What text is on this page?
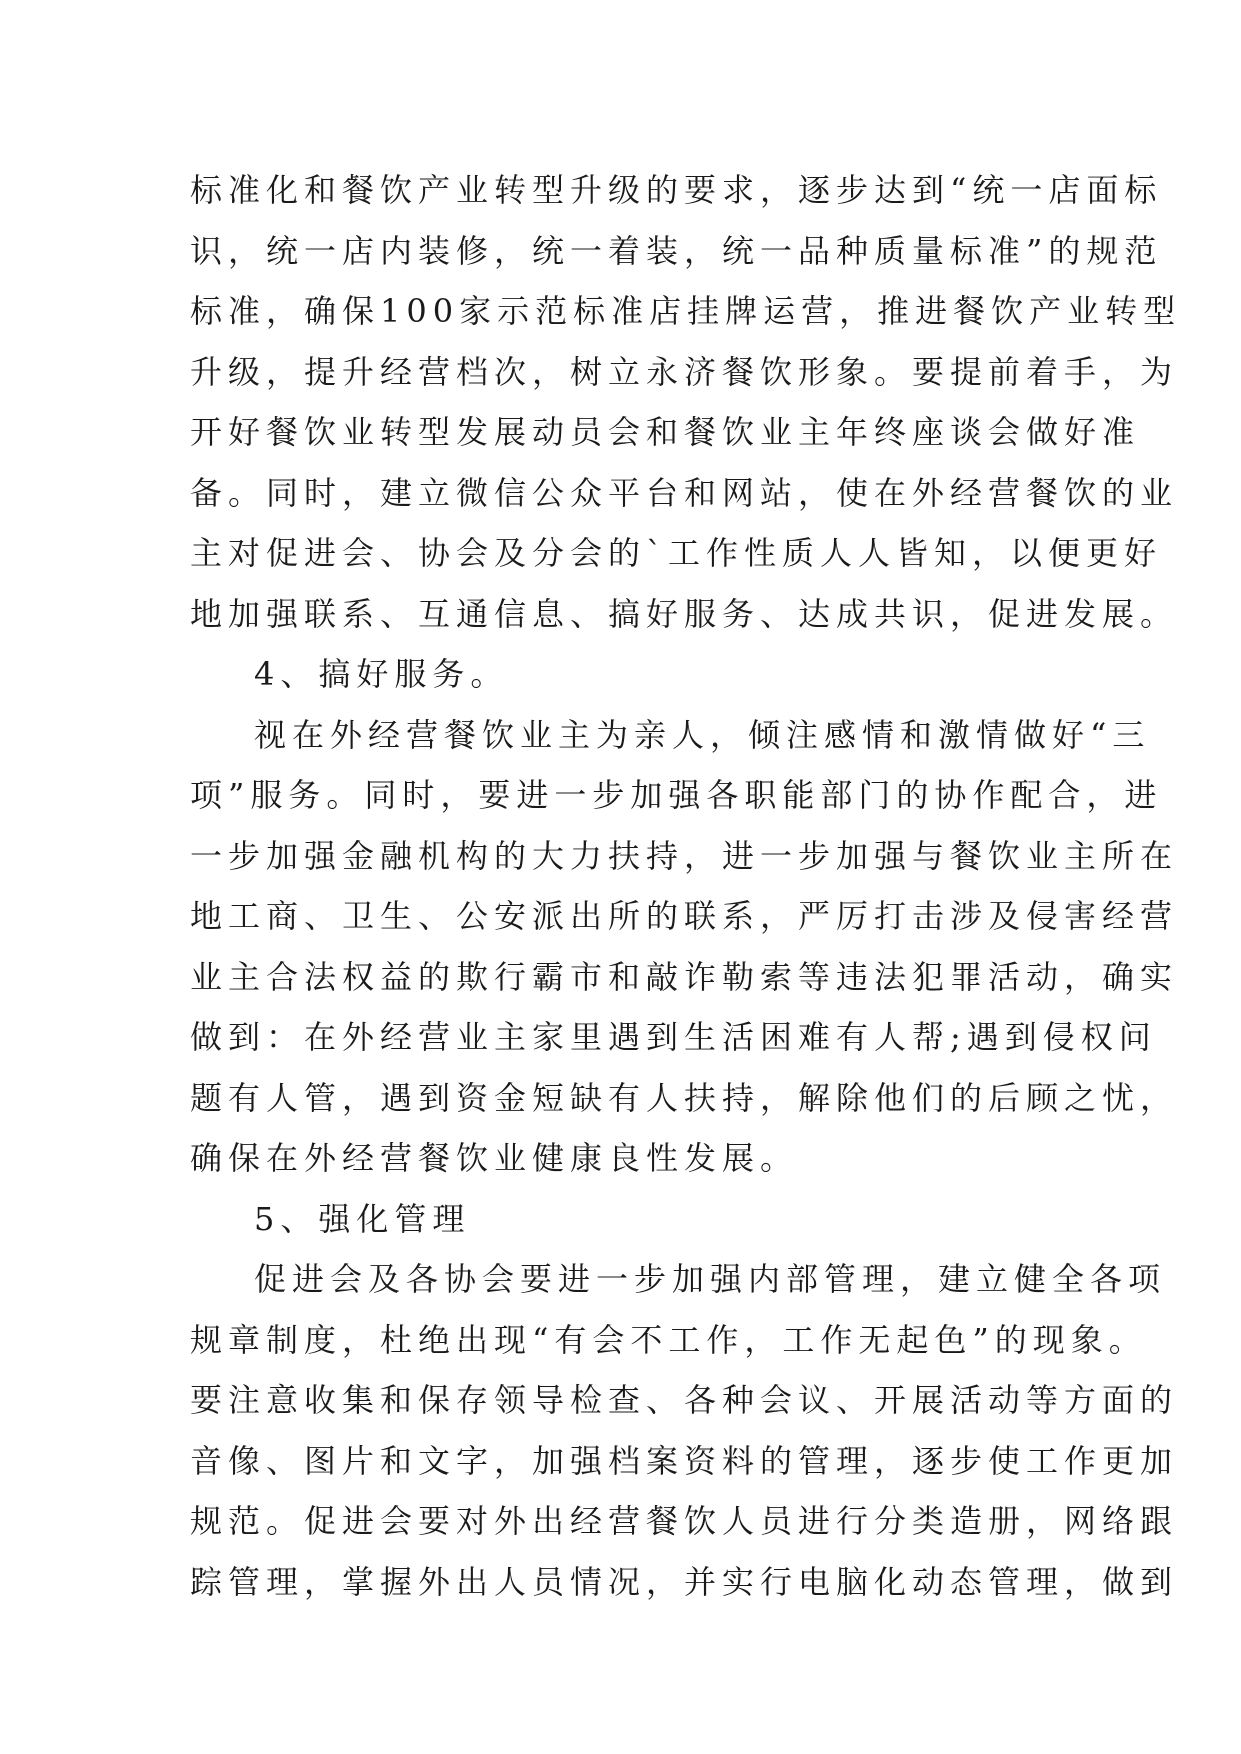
标准化和餐饮产业转型升级的要求，逐步达到“统一店面标
识，统一店内装修，统一着装，统一品种质量标准”的规范
标准，确保100家示范标准店挂牌运营，推进餐饮产业转型
升级，提升经营档次，树立永济餐饮形象。要提前着手，为
开好餐饮业转型发展动员会和餐饮业主年终座谈会做好准
备。同时，建立微信公众平台和网站，使在外经营餐饮的业
主对促进会、协会及分会的`工作性质人人皆知，以便更好
地加强联系、互通信息、搞好服务、达成共识，促进发展。
4、搞好服务。
视在外经营餐饮业主为亲人，倾注感情和激情做好“三
项”服务。同时，要进一步加强各职能部门的协作配合，进
一步加强金融机构的大力扶持，进一步加强与餐饮业主所在
地工商、卫生、公安派出所的联系，严厉打击涉及侵害经营
业主合法权益的欺行霸市和敲诈勒索等违法犯罪活动，确实
做到：在外经营业主家里遇到生活困难有人帮;遇到侵权问
题有人管，遇到资金短缺有人扶持，解除他们的后顾之忧，
确保在外经营餐饮业健康良性发展。
5、强化管理
促进会及各协会要进一步加强内部管理，建立健全各项
规章制度，杜绝出现“有会不工作，工作无起色”的现象。
要注意收集和保存领导检查、各种会议、开展活动等方面的
音像、图片和文字，加强档案资料的管理，逐步使工作更加
规范。促进会要对外出经营餐饮人员进行分类造册，网络跟
踪管理，掌握外出人员情况，并实行电脑化动态管理，做到
